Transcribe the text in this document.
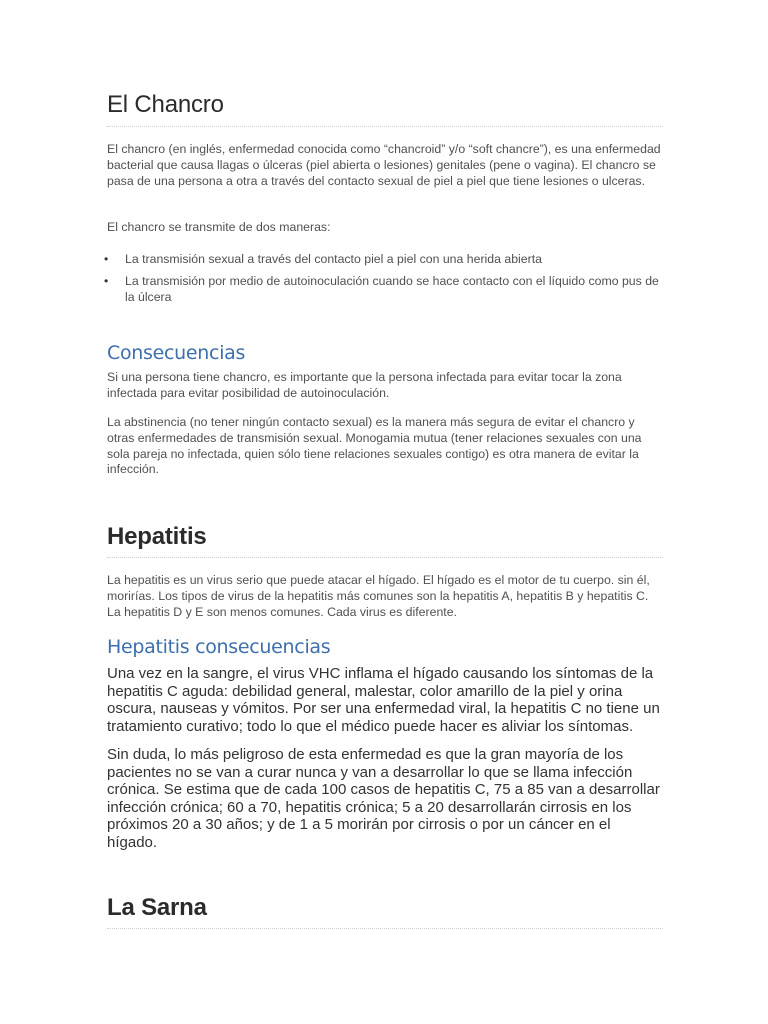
El Chancro

El chancro (en inglés, enfermedad conocida como “chancroid” y/o “soft chancre”), es una enfermedad bacterial que causa llagas o úlceras (piel abierta o lesiones) genitales (pene o vagina). El chancro se pasa de una persona a otra a través del contacto sexual de piel a piel que tiene lesiones o ulceras.

El chancro se transmite de dos maneras:

• La transmisión sexual a través del contacto piel a piel con una herida abierta
• La transmisión por medio de autoinoculación cuando se hace contacto con el líquido como pus de la úlcera
Consecuencias

Si una persona tiene chancro, es importante que la persona infectada para evitar tocar la zona infectada para evitar posibilidad de autoinoculación.

La abstinencia (no tener ningún contacto sexual) es la manera más segura de evitar el chancro y otras enfermedades de transmisión sexual. Monogamia mutua (tener relaciones sexuales con una sola pareja no infectada, quien sólo tiene relaciones sexuales contigo) es otra manera de evitar la infección.

Hepatitis

La hepatitis es un virus serio que puede atacar el hígado. El hígado es el motor de tu cuerpo. sin él, morirías. Los tipos de virus de la hepatitis más comunes son la hepatitis A, hepatitis B y hepatitis C. La hepatitis D y E son menos comunes. Cada virus es diferente.

Hepatitis consecuencias

Una vez en la sangre, el virus VHC inflama el hígado causando los síntomas de la hepatitis C aguda: debilidad general, malestar, color amarillo de la piel y orina oscura, nauseas y vómitos. Por ser una enfermedad viral, la hepatitis C no tiene un tratamiento curativo; todo lo que el médico puede hacer es aliviar los síntomas.

Sin duda, lo más peligroso de esta enfermedad es que la gran mayoría de los pacientes no se van a curar nunca y van a desarrollar lo que se llama infección crónica. Se estima que de cada 100 casos de hepatitis C, 75 a 85 van a desarrollar infección crónica; 60 a 70, hepatitis crónica; 5 a 20 desarrollarán cirrosis en los próximos 20 a 30 años; y de 1 a 5 morirán por cirrosis o por un cáncer en el hígado.

La Sarna
